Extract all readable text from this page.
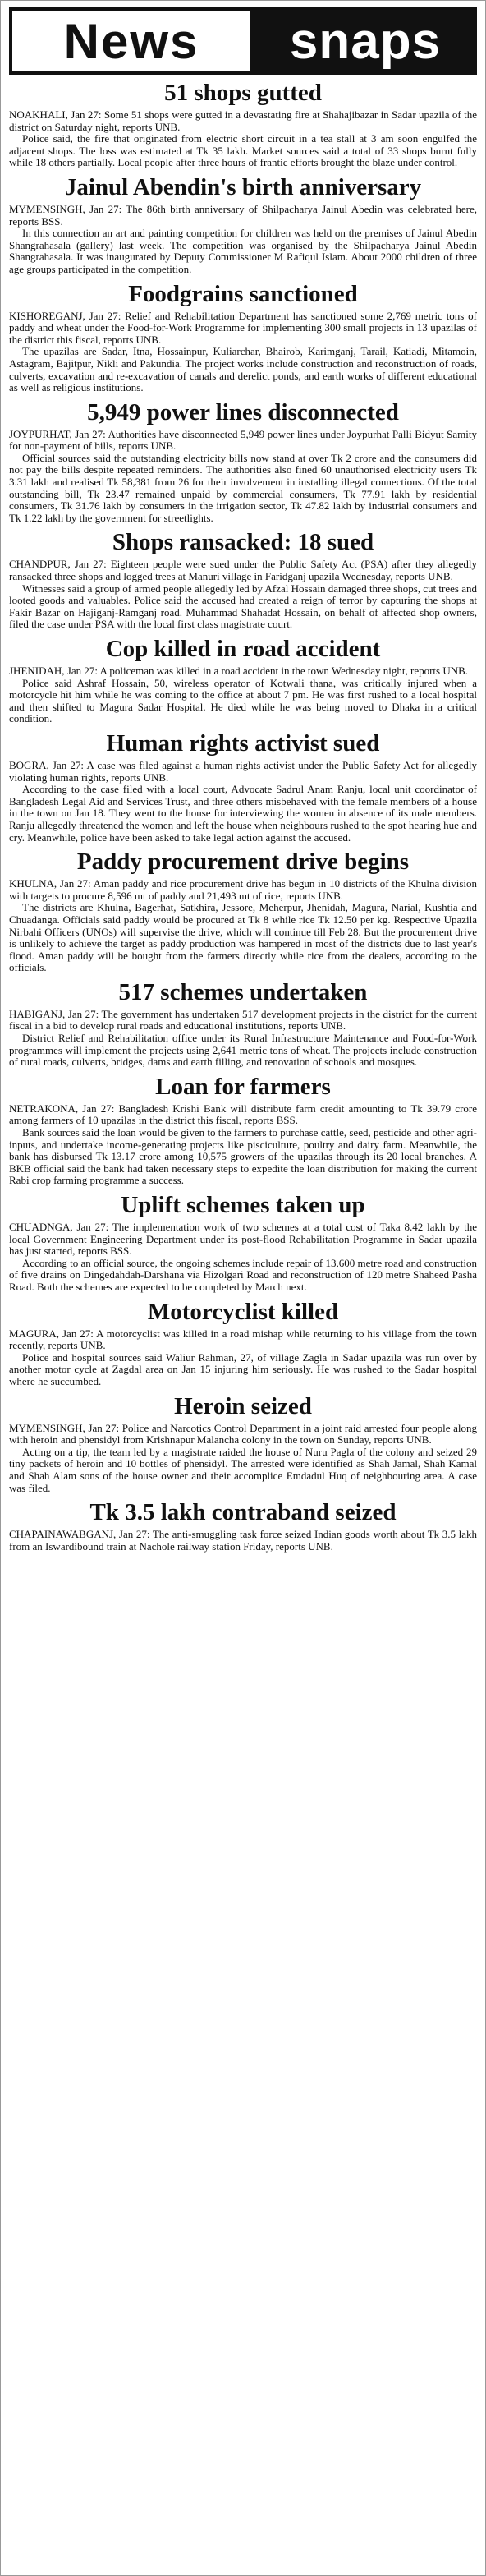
News	snaps
51 shops gutted

NOAKHALI, Jan 27: Some 51 shops were gutted in a devastating fire at Shahajibazar in Sadar upazila of the district on Saturday night, reports UNB.

Police said, the fire that originated from electric short circuit in a tea stall at 3 am soon engulfed the adjacent shops. The loss was estimated at Tk 35 lakh. Market sources said a total of 33 shops burnt fully while 18 others partially. Local people after three hours of frantic efforts brought the blaze under control.

Jainul Abendin's birth anniversary

MYMENSINGH, Jan 27: The 86th birth anniversary of Shilpacharya Jainul Abedin was celebrated here, reports BSS.

In this connection an art and painting competition for children was held on the premises of Jainul Abedin Shangrahasala (gallery) last week. The competition was organised by the Shilpacharya Jainul Abedin Shangrahasala. It was inaugurated by Deputy Commissioner M Rafiqul Islam. About 2000 children of three age groups participated in the competition.

Foodgrains sanctioned

KISHOREGANJ, Jan 27: Relief and Rehabilitation Department has sanctioned some 2,769 metric tons of paddy and wheat under the Food-for-Work Programme for implementing 300 small projects in 13 upazilas of the district this fiscal, reports UNB.

The upazilas are Sadar, Itna, Hossainpur, Kuliarchar, Bhairob, Karimganj, Tarail, Katiadi, Mitamoin, Astagram, Bajitpur, Nikli and Pakundia. The project works include construction and reconstruction of roads, culverts, excavation and re-excavation of canals and derelict ponds, and earth works of different educational as well as religious institutions.

5,949 power lines disconnected

JOYPURHAT, Jan 27: Authorities have disconnected 5,949 power lines under Joypurhat Palli Bidyut Samity for non-payment of bills, reports UNB.

Official sources said the outstanding electricity bills now stand at over Tk 2 crore and the consumers did not pay the bills despite repeated reminders. The authorities also fined 60 unauthorised electricity users Tk 3.31 lakh and realised Tk 58,381 from 26 for their involvement in installing illegal connections. Of the total outstanding bill, Tk 23.47 remained unpaid by commercial consumers, Tk 77.91 lakh by residential consumers, Tk 31.76 lakh by consumers in the irrigation sector, Tk 47.82 lakh by industrial consumers and Tk 1.22 lakh by the government for streetlights.

Shops ransacked: 18 sued

CHANDPUR, Jan 27: Eighteen people were sued under the Public Safety Act (PSA) after they allegedly ransacked three shops and logged trees at Manuri village in Faridganj upazila Wednesday, reports UNB.

Witnesses said a group of armed people allegedly led by Afzal Hossain damaged three shops, cut trees and looted goods and valuables. Police said the accused had created a reign of terror by capturing the shops at Fakir Bazar on Hajiganj-Ramganj road. Muhammad Shahadat Hossain, on behalf of affected shop owners, filed the case under PSA with the local first class magistrate court.

Cop killed in road accident

JHENIDAH, Jan 27: A policeman was killed in a road accident in the town Wednesday night, reports UNB.

Police said Ashraf Hossain, 50, wireless operator of Kotwali thana, was critically injured when a motorcycle hit him while he was coming to the office at about 7 pm. He was first rushed to a local hospital and then shifted to Magura Sadar Hospital. He died while he was being moved to Dhaka in a critical condition.

Human rights activist sued

BOGRA, Jan 27: A case was filed against a human rights activist under the Public Safety Act for allegedly violating human rights, reports UNB.

According to the case filed with a local court, Advocate Sadrul Anam Ranju, local unit coordinator of Bangladesh Legal Aid and Services Trust, and three others misbehaved with the female members of a house in the town on Jan 18. They went to the house for interviewing the women in absence of its male members. Ranju allegedly threatened the women and left the house when neighbours rushed to the spot hearing hue and cry. Meanwhile, police have been asked to take legal action against the accused.

Paddy procurement drive begins

KHULNA, Jan 27: Aman paddy and rice procurement drive has begun in 10 districts of the Khulna division with targets to procure 8,596 mt of paddy and 21,493 mt of rice, reports UNB.

The districts are Khulna, Bagerhat, Satkhira, Jessore, Meherpur, Jhenidah, Magura, Narial, Kushtia and Chuadanga. Officials said paddy would be procured at Tk 8 while rice Tk 12.50 per kg. Respective Upazila Nirbahi Officers (UNOs) will supervise the drive, which will continue till Feb 28. But the procurement drive is unlikely to achieve the target as paddy production was hampered in most of the districts due to last year's flood. Aman paddy will be bought from the farmers directly while rice from the dealers, according to the officials.

517 schemes undertaken

HABIGANJ, Jan 27: The government has undertaken 517 development projects in the district for the current fiscal in a bid to develop rural roads and educational institutions, reports UNB.

District Relief and Rehabilitation office under its Rural Infrastructure Maintenance and Food-for-Work programmes will implement the projects using 2,641 metric tons of wheat. The projects include construction of rural roads, culverts, bridges, dams and earth filling, and renovation of schools and mosques.

Loan for farmers

NETRAKONA, Jan 27: Bangladesh Krishi Bank will distribute farm credit amounting to Tk 39.79 crore among farmers of 10 upazilas in the district this fiscal, reports BSS.

Bank sources said the loan would be given to the farmers to purchase cattle, seed, pesticide and other agri-inputs, and undertake income-generating projects like pisciculture, poultry and dairy farm. Meanwhile, the bank has disbursed Tk 13.17 crore among 10,575 growers of the upazilas through its 20 local branches. A BKB official said the bank had taken necessary steps to expedite the loan distribution for making the current Rabi crop farming programme a success.

Uplift schemes taken up

CHUADNGA, Jan 27: The implementation work of two schemes at a total cost of Taka 8.42 lakh by the local Government Engineering Department under its post-flood Rehabilitation Programme in Sadar upazila has just started, reports BSS.

According to an official source, the ongoing schemes include repair of 13,600 metre road and construction of five drains on Dingedahdah-Darshana via Hizolgari Road and reconstruction of 120 metre Shaheed Pasha Road. Both the schemes are expected to be completed by March next.

Motorcyclist killed

MAGURA, Jan 27: A motorcyclist was killed in a road mishap while returning to his village from the town recently, reports UNB.

Police and hospital sources said Waliur Rahman, 27, of village Zagla in Sadar upazila was run over by another motor cycle at Zagdal area on Jan 15 injuring him seriously. He was rushed to the Sadar hospital where he succumbed.

Heroin seized

MYMENSINGH, Jan 27: Police and Narcotics Control Department in a joint raid arrested four people along with heroin and phensidyl from Krishnapur Malancha colony in the town on Sunday, reports UNB.

Acting on a tip, the team led by a magistrate raided the house of Nuru Pagla of the colony and seized 29 tiny packets of heroin and 10 bottles of phensidyl. The arrested were identified as Shah Jamal, Shah Kamal and Shah Alam sons of the house owner and their accomplice Emdadul Huq of neighbouring area. A case was filed.

Tk 3.5 lakh contraband seized

CHAPAINAWABGANJ, Jan 27: The anti-smuggling task force seized Indian goods worth about Tk 3.5 lakh from an Iswardibound train at Nachole railway station Friday, reports UNB.
